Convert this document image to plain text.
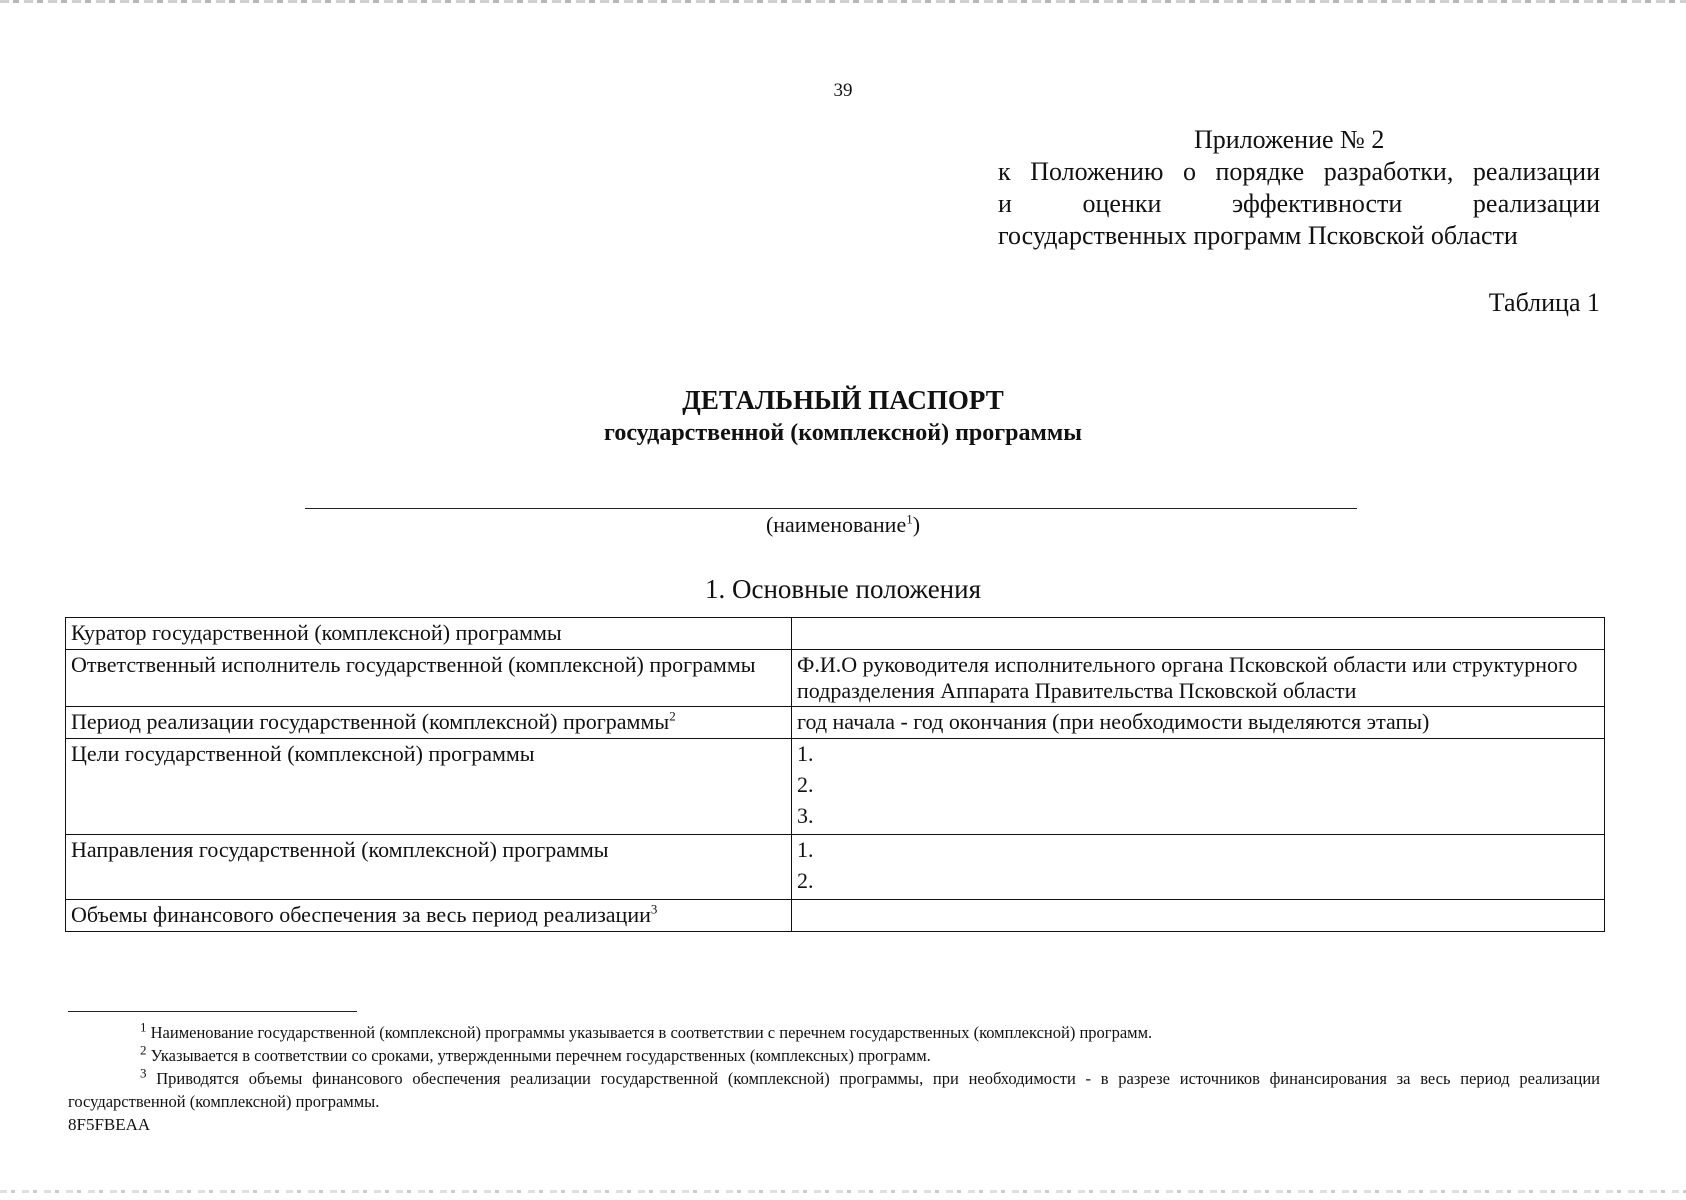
39
Приложение № 2
к Положению о порядке разработки, реализации
и оценки эффективности реализации
государственных программ Псковской области
Таблица 1
ДЕТАЛЬНЫЙ ПАСПОРТ
государственной (комплексной) программы
(наименование$^1$)
1. Основные положения
Куратор государственной (комплексной) программы	
Ответственный исполнитель государственной (комплексной) программы	Ф.И.О руководителя исполнительного органа Псковской области или структурного подразделения Аппарата Правительства Псковской области
Период реализации государственной (комплексной) программы$^2$	год начала - год окончания (при необходимости выделяются этапы)
Цели государственной (комплексной) программы	1.
2.
3.

Направления государственной (комплексной) программы	1.
2.

Объемы финансового обеспечения за весь период реализации$^3$	
$^1$ Наименование государственной (комплексной) программы указывается в соответствии с перечнем государственных (комплексной) программ.
$^2$ Указывается в соответствии со сроками, утвержденными перечнем государственных (комплексных) программ.
$^3$ Приводятся объемы финансового обеспечения реализации государственной (комплексной) программы, при необходимости - в разрезе источников финансирования за весь период реализации государственной (комплексной) программы.
8F5FBEAA
